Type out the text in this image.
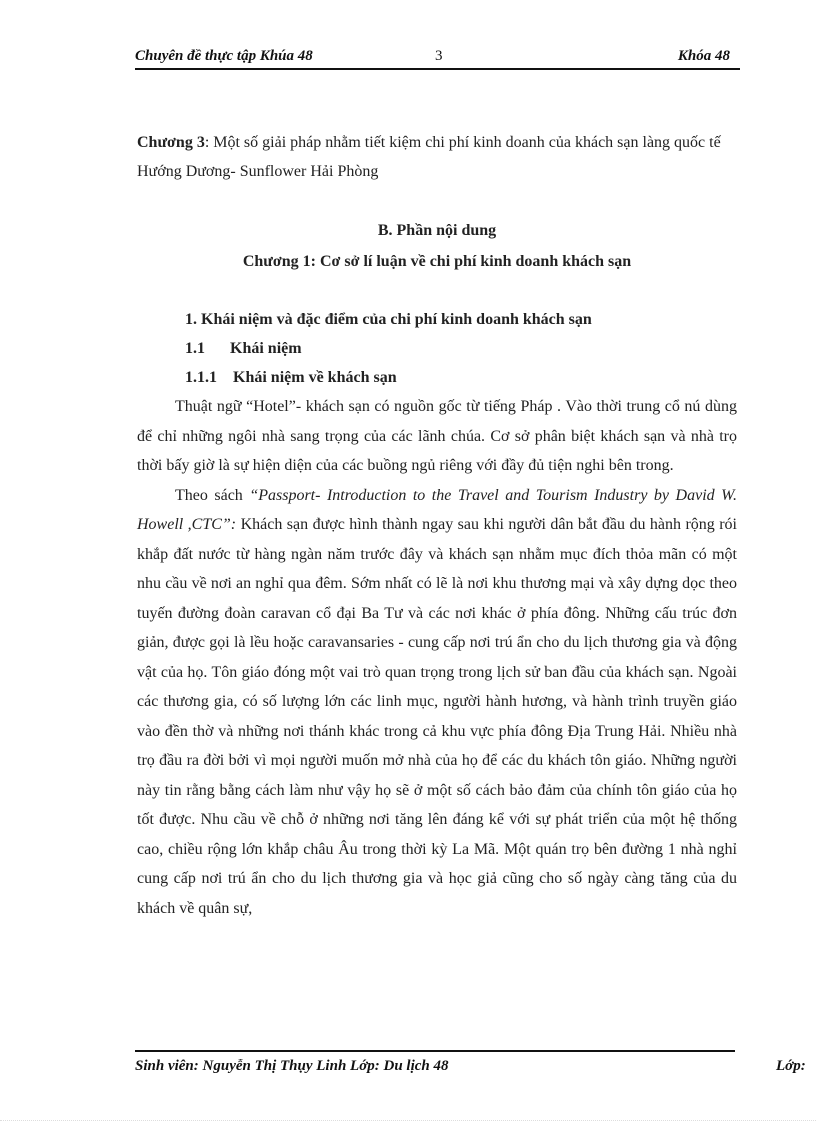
Chuyên đề thực tập Khúa 48	3	Khóa 48

Chương 3: Một số giải pháp nhằm tiết kiệm chi phí kinh doanh của khách sạn làng quốc tế Hướng Dương- Sunflower Hải Phòng

B. Phần nội dung

Chương 1: Cơ sở lí luận về chi phí kinh doanh khách sạn

1. Khái niệm và đặc điểm của chi phí kinh doanh khách sạn

1.1 Khái niệm

1.1.1 Khái niệm về khách sạn

Thuật ngữ “Hotel”- khách sạn có nguồn gốc từ tiếng Pháp . Vào thời trung cổ nú dùng để chỉ những ngôi nhà sang trọng của các lãnh chúa. Cơ sở phân biệt khách sạn và nhà trọ thời bấy giờ là sự hiện diện của các buồng ngủ riêng với đầy đủ tiện nghi bên trong.

Theo sách “Passport- Introduction to the Travel and Tourism Industry by David W. Howell ,CTC”: Khách sạn được hình thành ngay sau khi người dân bắt đầu du hành rộng rói khắp đất nước từ hàng ngàn năm trước đây và khách sạn nhằm mục đích thỏa mãn có một nhu cầu về nơi an nghỉ qua đêm. Sớm nhất có lẽ là nơi khu thương mại và xây dựng dọc theo tuyến đường đoàn caravan cổ đại Ba Tư và các nơi khác ở phía đông. Những cấu trúc đơn giản, được gọi là lều hoặc caravansaries - cung cấp nơi trú ẩn cho du lịch thương gia và động vật của họ. Tôn giáo đóng một vai trò quan trọng trong lịch sử ban đầu của khách sạn. Ngoài các thương gia, có số lượng lớn các linh mục, người hành hương, và hành trình truyền giáo vào đền thờ và những nơi thánh khác trong cả khu vực phía đông Địa Trung Hải. Nhiều nhà trọ đầu ra đời bởi vì mọi người muốn mở nhà của họ để các du khách tôn giáo. Những người này tin rằng bằng cách làm như vậy họ sẽ ở một số cách bảo đảm của chính tôn giáo của họ tốt được. Nhu cầu về chỗ ở những nơi tăng lên đáng kể với sự phát triển của một hệ thống cao, chiều rộng lớn khắp châu Âu trong thời kỳ La Mã. Một quán trọ bên đường 1 nhà nghỉ cung cấp nơi trú ẩn cho du lịch thương gia và học giả cũng cho số ngày càng tăng của du khách về quân sự,

Sinh viên: Nguyễn Thị Thụy Linh Lớp: Du lịch 48	Lớp:
